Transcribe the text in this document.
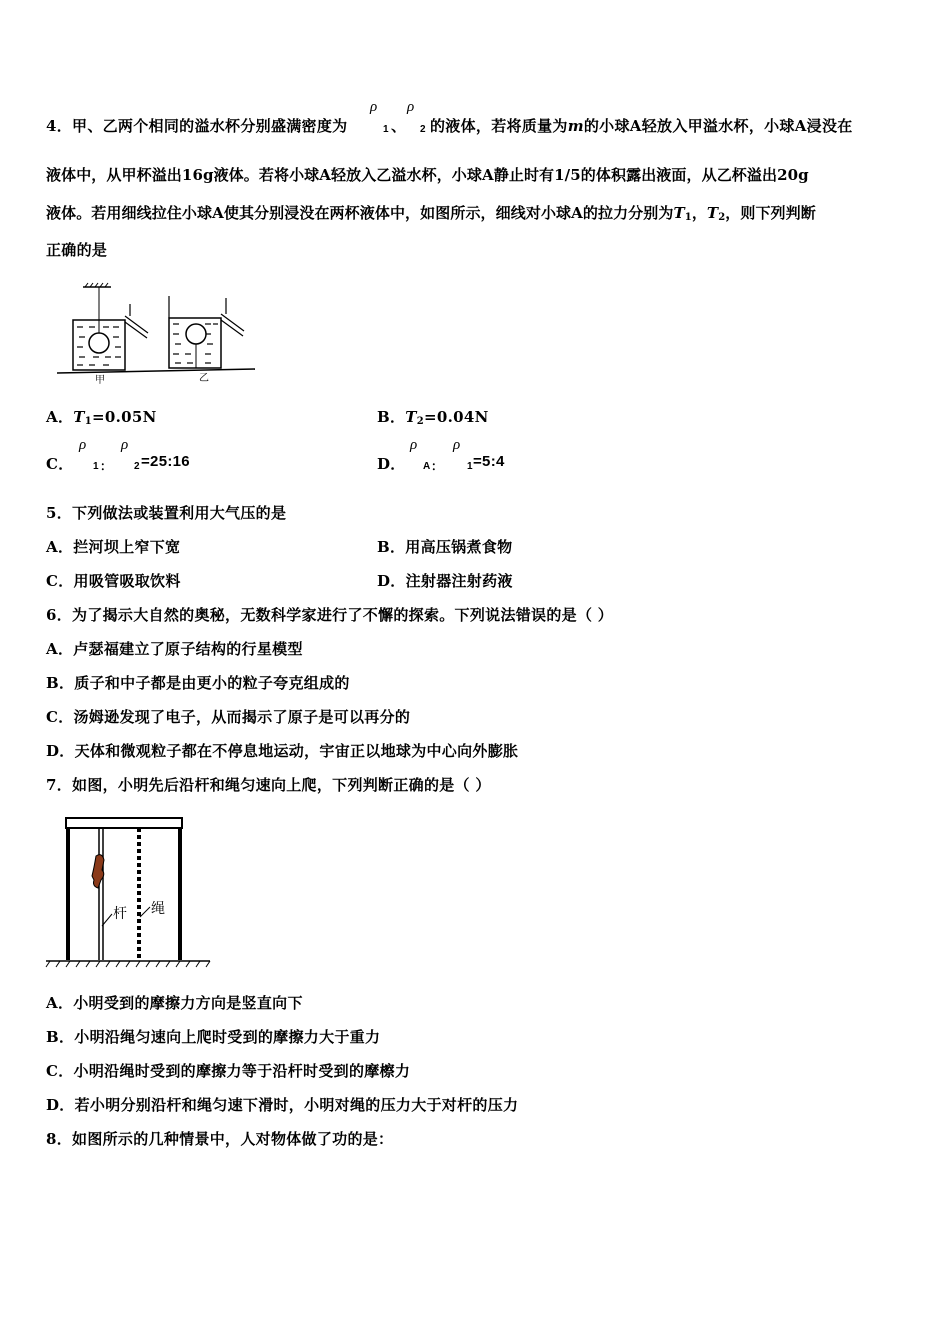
4．甲、乙两个相同的溢水杯分别盛满密度为
ρ
1 、
ρ
2 的液体，若将质量为m的小球A轻放入甲溢水杯，小球A浸没在
液体中，从甲杯溢出16g液体。若将小球A轻放入乙溢水杯，小球A静止时有1/5的体积露出液面，从乙杯溢出20g
液体。若用细线拉住小球A使其分别浸没在两杯液体中，如图所示，细线对小球A的拉力分别为$T_1$，$T_2$，则下列判断
正确的是
甲	乙
A．$T_1=0.05N$	B．$T_2=0.04N$
C．
ρ
1 ：
ρ
2 =25:16	D．
ρ
A ：
ρ
1 =5:4
5．下列做法或装置利用大气压的是
A．拦河坝上窄下宽	B．用高压锅煮食物
C．用吸管吸取饮料	D．注射器注射药液
6．为了揭示大自然的奥秘，无数科学家进行了不懈的探索。下列说法错误的是（ ）
A．卢瑟福建立了原子结构的行星模型
B．质子和中子都是由更小的粒子夸克组成的
C．汤姆逊发现了电子，从而揭示了原子是可以再分的
D．天体和微观粒子都在不停息地运动，宇宙正以地球为中心向外膨胀
7．如图，小明先后沿杆和绳匀速向上爬，下列判断正确的是（ ）
杆 绳
A．小明受到的摩擦力方向是竖直向下
B．小明沿绳匀速向上爬时受到的摩擦力大于重力
C．小明沿绳时受到的摩擦力等于沿杆时受到的摩檫力
D．若小明分别沿杆和绳匀速下滑时，小明对绳的压力大于对杆的压力
8．如图所示的几种情景中，人对物体做了功的是：
